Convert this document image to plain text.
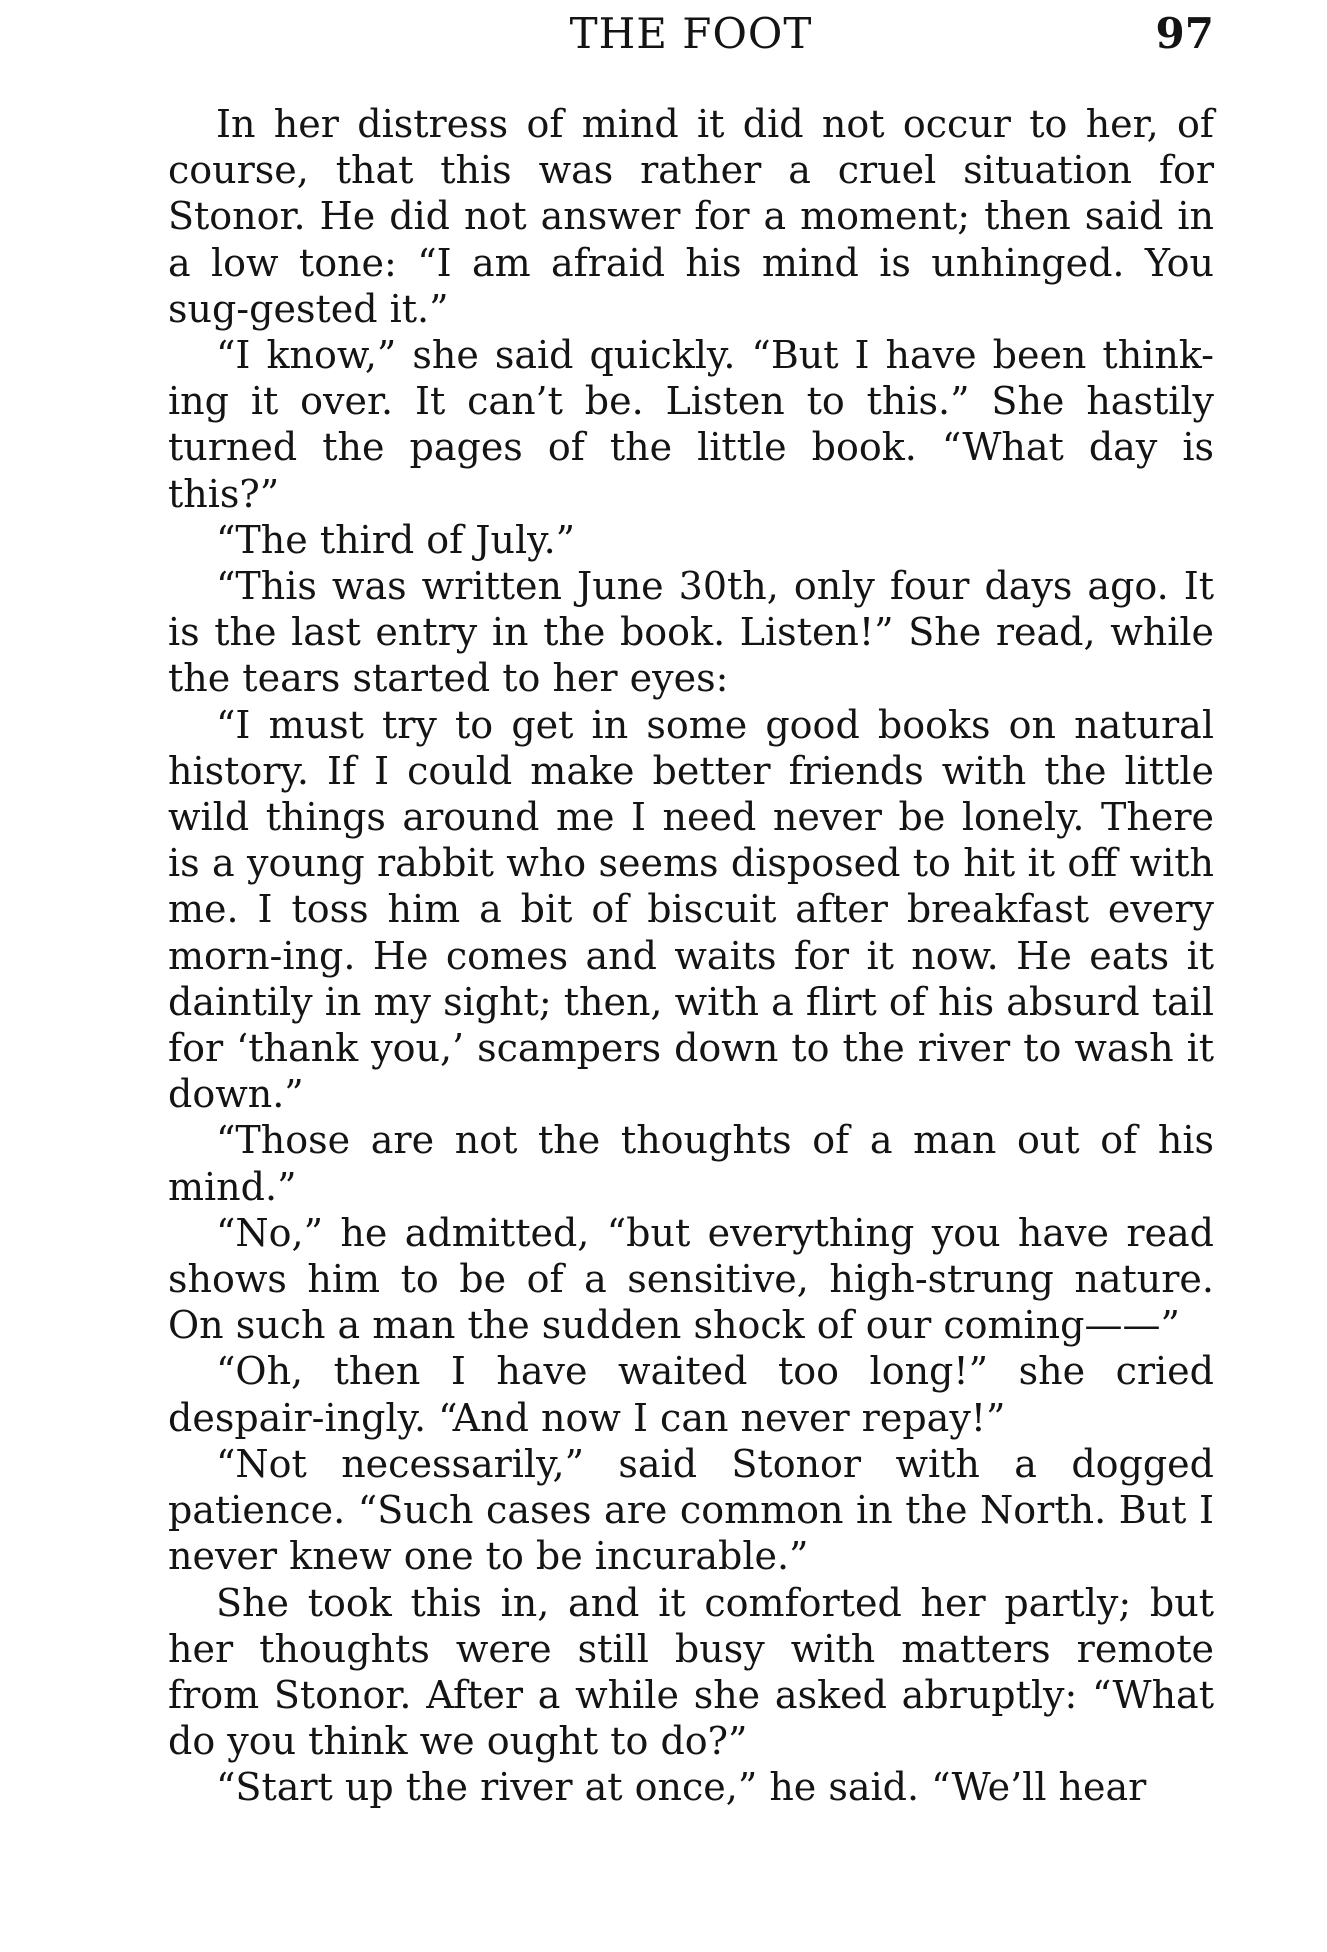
THE FOOT	97

In her distress of mind it did not occur to her, of course, that this was rather a cruel situation for Stonor. He did not answer for a moment; then said in a low tone: “I am afraid his mind is unhinged. You sug-gested it.”

“I know,” she said quickly. “But I have been think-ing it over. It can’t be. Listen to this.” She hastily turned the pages of the little book. “What day is this?”

“The third of July.”

“This was written June 30th, only four days ago. It is the last entry in the book. Listen!” She read, while the tears started to her eyes:

“I must try to get in some good books on natural history. If I could make better friends with the little wild things around me I need never be lonely. There is a young rabbit who seems disposed to hit it off with me. I toss him a bit of biscuit after breakfast every morn-ing. He comes and waits for it now. He eats it daintily in my sight; then, with a flirt of his absurd tail for ‘thank you,’ scampers down to the river to wash it down.”

“Those are not the thoughts of a man out of his mind.”

“No,” he admitted, “but everything you have read shows him to be of a sensitive, high-strung nature. On such a man the sudden shock of our coming——”

“Oh, then I have waited too long!” she cried despair-ingly. “And now I can never repay!”

“Not necessarily,” said Stonor with a dogged patience. “Such cases are common in the North. But I never knew one to be incurable.”

She took this in, and it comforted her partly; but her thoughts were still busy with matters remote from Stonor. After a while she asked abruptly: “What do you think we ought to do?”

“Start up the river at once,” he said. “We’ll hear
